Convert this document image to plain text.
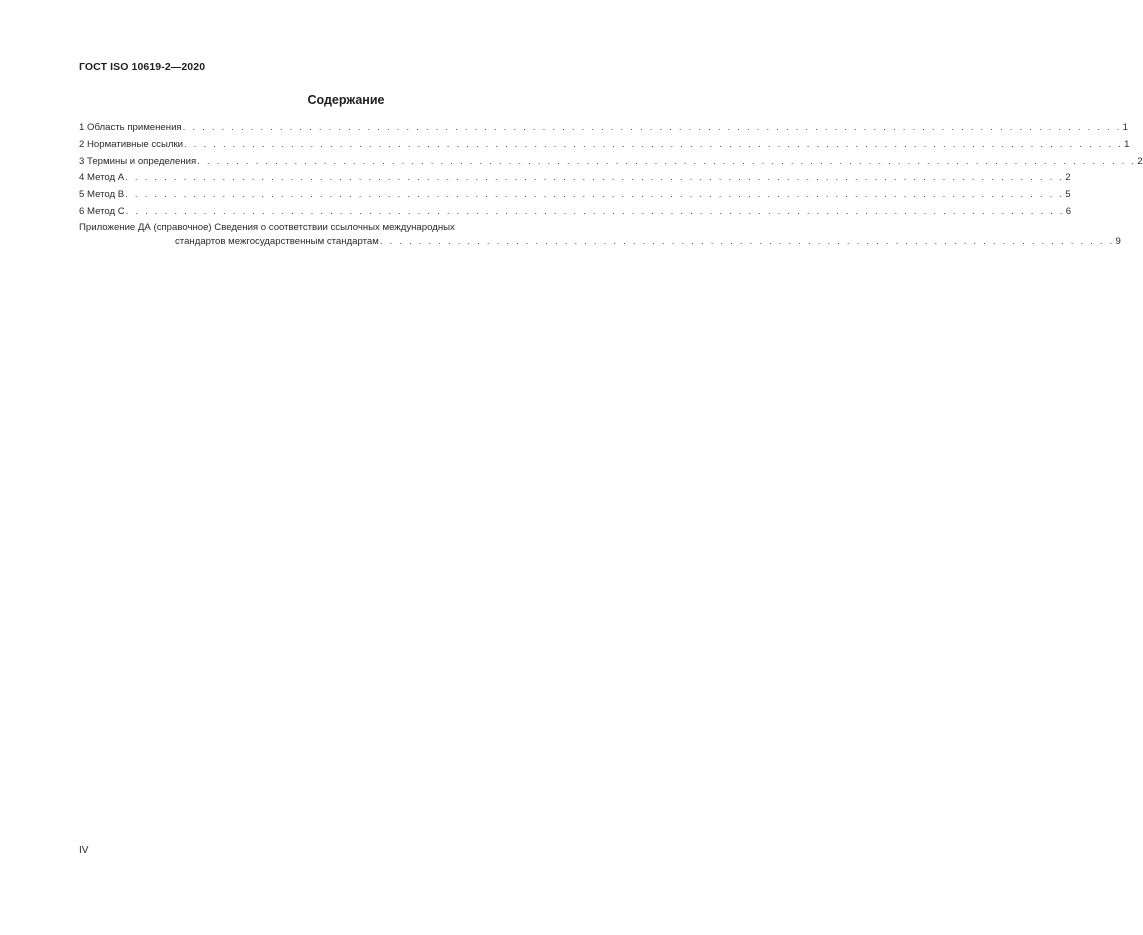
ГОСТ ISO 10619-2—2020
Содержание
1 Область применения . . . . . . . . . . . . . . . . . . . . . . . . . . . . . . . . . . . . . . . . . . . . . . . . . . . . . . . . . . . . . . . . . . . . . . . . . . . . . . . . . . . . . . . . . . . . . . . . . 1
2 Нормативные ссылки . . . . . . . . . . . . . . . . . . . . . . . . . . . . . . . . . . . . . . . . . . . . . . . . . . . . . . . . . . . . . . . . . . . . . . . . . . . . . . . . . . . . . . . . . . . . . . . . . 1
3 Термины и определения . . . . . . . . . . . . . . . . . . . . . . . . . . . . . . . . . . . . . . . . . . . . . . . . . . . . . . . . . . . . . . . . . . . . . . . . . . . . . . . . . . . . . . . . . . . . . . . . . 2
4 Метод А . . . . . . . . . . . . . . . . . . . . . . . . . . . . . . . . . . . . . . . . . . . . . . . . . . . . . . . . . . . . . . . . . . . . . . . . . . . . . . . . . . . . . . . . . . . . . . . . . 2
5 Метод В . . . . . . . . . . . . . . . . . . . . . . . . . . . . . . . . . . . . . . . . . . . . . . . . . . . . . . . . . . . . . . . . . . . . . . . . . . . . . . . . . . . . . . . . . . . . . . . . . 5
6 Метод С . . . . . . . . . . . . . . . . . . . . . . . . . . . . . . . . . . . . . . . . . . . . . . . . . . . . . . . . . . . . . . . . . . . . . . . . . . . . . . . . . . . . . . . . . . . . . . . . . 6
Приложение ДА (справочное) Сведения о соответствии ссылочных международных
стандартов межгосударственным стандартам . . . . . . . . . . . . . . . . . . . . . . . . . . . . . . . . . . . . . . . . . . . . . . . . . . . . . . . . . . . . . . . . . . . . . . . . . . . . 9
IV
